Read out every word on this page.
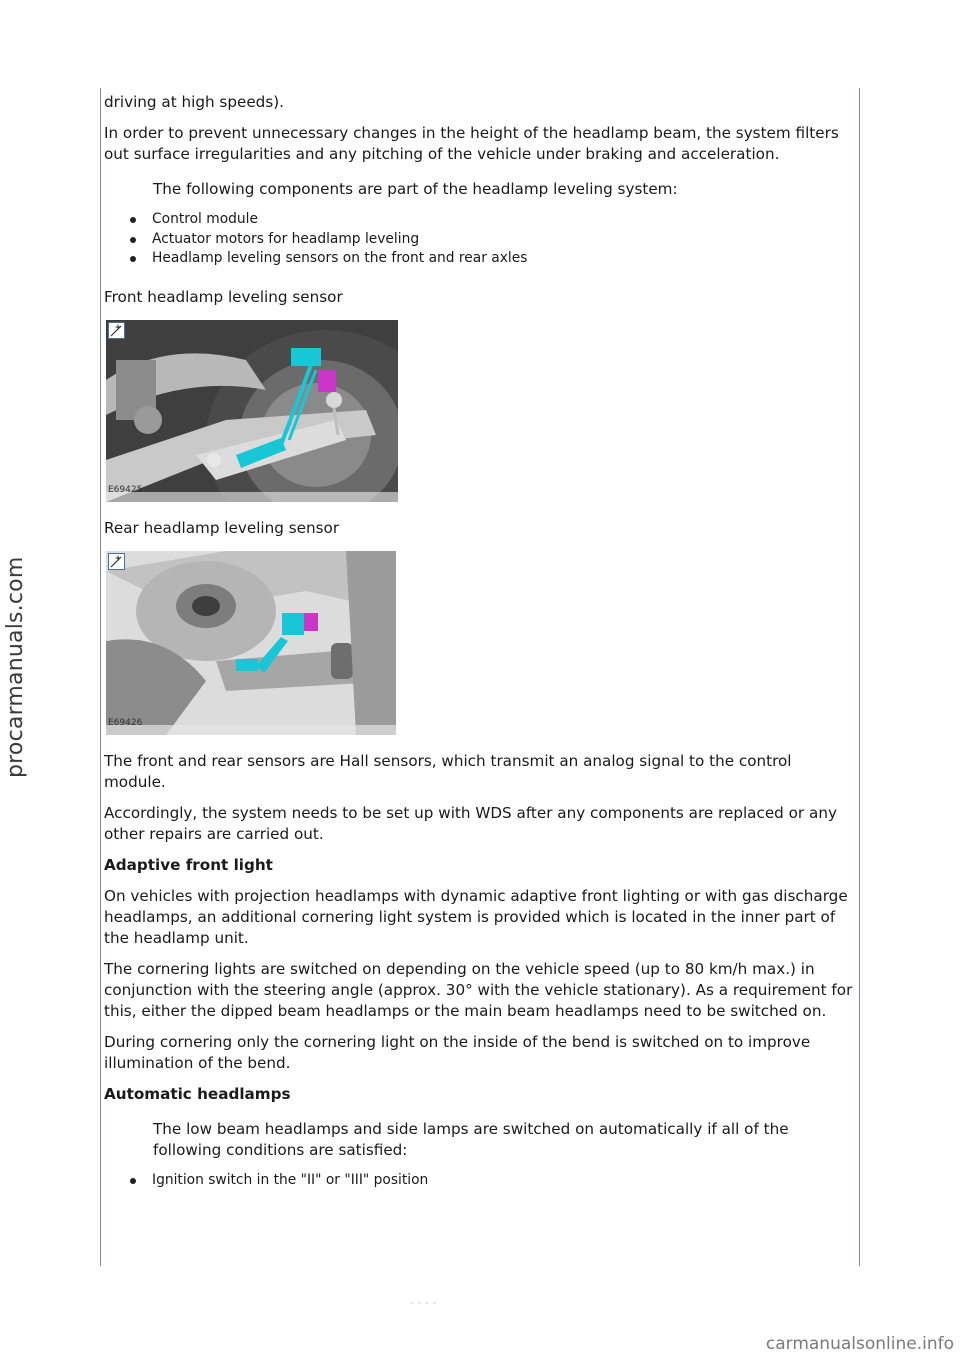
driving at high speeds).

In order to prevent unnecessary changes in the height of the headlamp beam, the system filters out surface irregularities and any pitching of the vehicle under braking and acceleration.

The following components are part of the headlamp leveling system:

Control module
Actuator motors for headlamp leveling
Headlamp leveling sensors on the front and rear axles

Front headlamp leveling sensor

E69425

Rear headlamp leveling sensor

E69426

The front and rear sensors are Hall sensors, which transmit an analog signal to the control module.

Accordingly, the system needs to be set up with WDS after any components are replaced or any other repairs are carried out.

Adaptive front light

On vehicles with projection headlamps with dynamic adaptive front lighting or with gas discharge headlamps, an additional cornering light system is provided which is located in the inner part of the headlamp unit.

The cornering lights are switched on depending on the vehicle speed (up to 80 km/h max.) in conjunction with the steering angle (approx. 30° with the vehicle stationary). As a requirement for this, either the dipped beam headlamps or the main beam headlamps need to be switched on.

During cornering only the cornering light on the inside of the bend is switched on to improve illumination of the bend.

Automatic headlamps

The low beam headlamps and side lamps are switched on automatically if all of the following conditions are satisfied:

Ignition switch in the "II" or "III" position
- - - -
procarmanuals.com
carmanualsonline.info
